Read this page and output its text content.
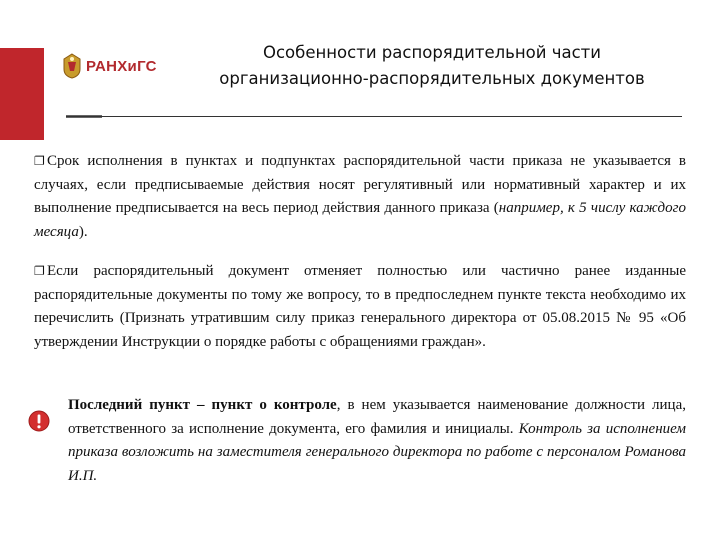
РАНХиГС
Особенности распорядительной части
организационно-распорядительных документов

❐ Срок исполнения в пунктах и подпунктах распорядительной части приказа не указывается в случаях, если предписываемые действия носят регулятивный или нормативный характер и их выполнение предписывается на весь период действия данного приказа (например, к 5 числу каждого месяца).

❐ Если распорядительный документ отменяет полностью или частично ранее изданные распорядительные документы по тому же вопросу, то в предпоследнем пункте текста необходимо их перечислить (Признать утратившим силу приказ генерального директора от 05.08.2015 № 95 «Об утверждении Инструкции о порядке работы с обращениями граждан».

Последний пункт – пункт о контроле, в нем указывается наименование должности лица, ответственного за исполнение документа, его фамилия и инициалы. Контроль за исполнением приказа возложить на заместителя генерального директора по работе с персоналом Романова И.П.
